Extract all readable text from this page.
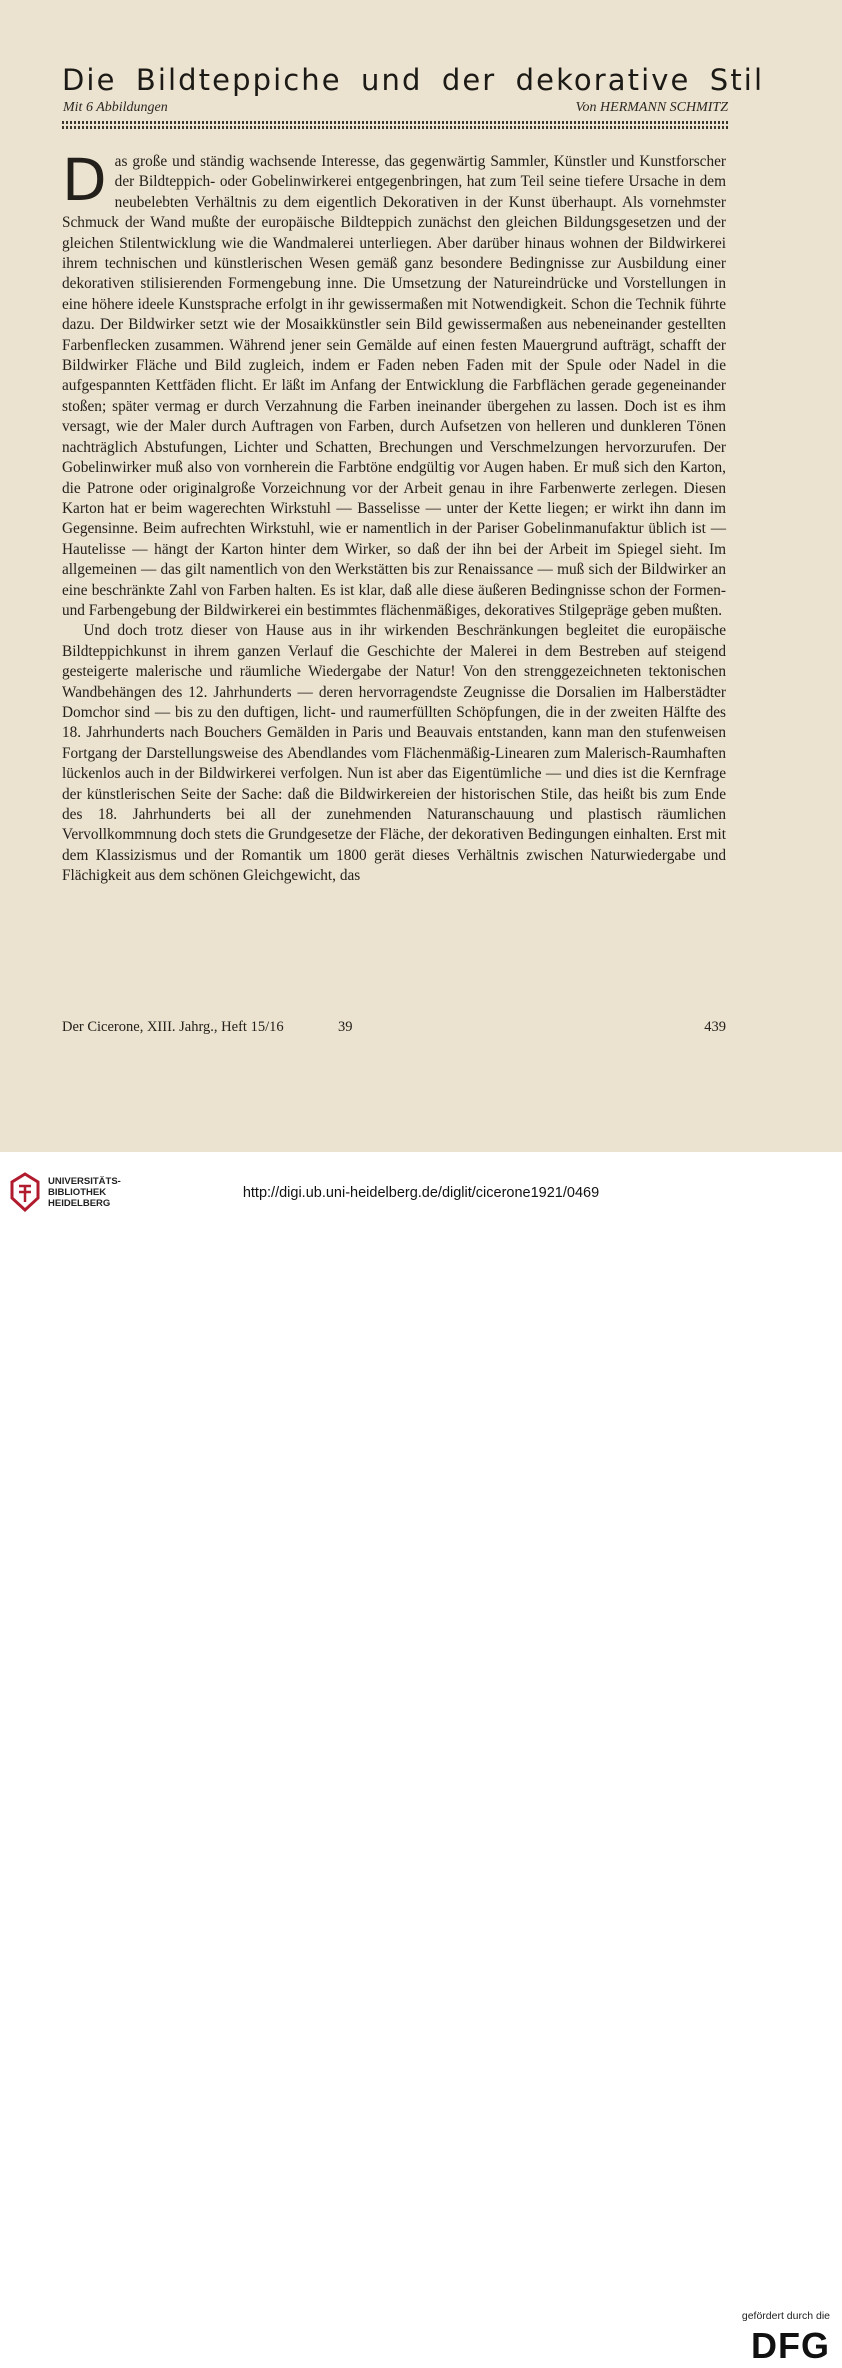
Die Bildteppiche und der dekorative Stil
Mit 6 Abbildungen	Von HERMANN SCHMITZ

Das große und ständig wachsende Interesse, das gegenwärtig Sammler, Künstler und Kunstforscher der Bildteppich- oder Gobelinwirkerei entgegenbringen, hat zum Teil seine tiefere Ursache in dem neubelebten Verhältnis zu dem eigentlich Dekorativen in der Kunst überhaupt. Als vornehmster Schmuck der Wand mußte der europäische Bildteppich zunächst den gleichen Bildungsgesetzen und der gleichen Stilentwicklung wie die Wandmalerei unterliegen. Aber darüber hinaus wohnen der Bildwirkerei ihrem technischen und künstlerischen Wesen gemäß ganz besondere Bedingnisse zur Ausbildung einer dekorativen stilisierenden Formengebung inne. Die Umsetzung der Natureindrücke und Vorstellungen in eine höhere ideele Kunstsprache erfolgt in ihr gewissermaßen mit Notwendigkeit. Schon die Technik führte dazu. Der Bildwirker setzt wie der Mosaikkünstler sein Bild gewissermaßen aus nebeneinander gestellten Farbenflecken zusammen. Während jener sein Gemälde auf einen festen Mauergrund aufträgt, schafft der Bildwirker Fläche und Bild zugleich, indem er Faden neben Faden mit der Spule oder Nadel in die aufgespannten Kettfäden flicht. Er läßt im Anfang der Entwicklung die Farbflächen gerade gegeneinander stoßen; später vermag er durch Verzahnung die Farben ineinander übergehen zu lassen. Doch ist es ihm versagt, wie der Maler durch Auftragen von Farben, durch Aufsetzen von helleren und dunkleren Tönen nachträglich Abstufungen, Lichter und Schatten, Brechungen und Verschmelzungen hervorzurufen. Der Gobelinwirker muß also von vornherein die Farbtöne endgültig vor Augen haben. Er muß sich den Karton, die Patrone oder originalgroße Vorzeichnung vor der Arbeit genau in ihre Farbenwerte zerlegen. Diesen Karton hat er beim wagerechten Wirkstuhl — Basselisse — unter der Kette liegen; er wirkt ihn dann im Gegensinne. Beim aufrechten Wirkstuhl, wie er namentlich in der Pariser Gobelinmanufaktur üblich ist — Hautelisse — hängt der Karton hinter dem Wirker, so daß der ihn bei der Arbeit im Spiegel sieht. Im allgemeinen — das gilt namentlich von den Werkstätten bis zur Renaissance — muß sich der Bildwirker an eine beschränkte Zahl von Farben halten. Es ist klar, daß alle diese äußeren Bedingnisse schon der Formen- und Farbengebung der Bildwirkerei ein bestimmtes flächenmäßiges, dekoratives Stilgepräge geben mußten.

Und doch trotz dieser von Hause aus in ihr wirkenden Beschränkungen begleitet die europäische Bildteppichkunst in ihrem ganzen Verlauf die Geschichte der Malerei in dem Bestreben auf steigend gesteigerte malerische und räumliche Wiedergabe der Natur! Von den strenggezeichneten tektonischen Wandbehängen des 12. Jahrhunderts — deren hervorragendste Zeugnisse die Dorsalien im Halberstädter Domchor sind — bis zu den duftigen, licht- und raumerfüllten Schöpfungen, die in der zweiten Hälfte des 18. Jahrhunderts nach Bouchers Gemälden in Paris und Beauvais entstanden, kann man den stufenweisen Fortgang der Darstellungsweise des Abendlandes vom Flächenmäßig-Linearen zum Malerisch-Raumhaften lückenlos auch in der Bildwirkerei verfolgen. Nun ist aber das Eigentümliche — und dies ist die Kernfrage der künstlerischen Seite der Sache: daß die Bildwirkereien der historischen Stile, das heißt bis zum Ende des 18. Jahrhunderts bei all der zunehmenden Naturanschauung und plastisch räumlichen Vervollkommnung doch stets die Grundgesetze der Fläche, der dekorativen Bedingungen einhalten. Erst mit dem Klassizismus und der Romantik um 1800 gerät dieses Verhältnis zwischen Naturwiedergabe und Flächigkeit aus dem schönen Gleichgewicht, das

Der Cicerone, XIII. Jahrg., Heft 15/16	39	439
UNIVERSITÄTS-
BIBLIOTHEK
HEIDELBERG
gefördert durch die
DFG
http://digi.ub.uni-heidelberg.de/diglit/cicerone1921/0469
